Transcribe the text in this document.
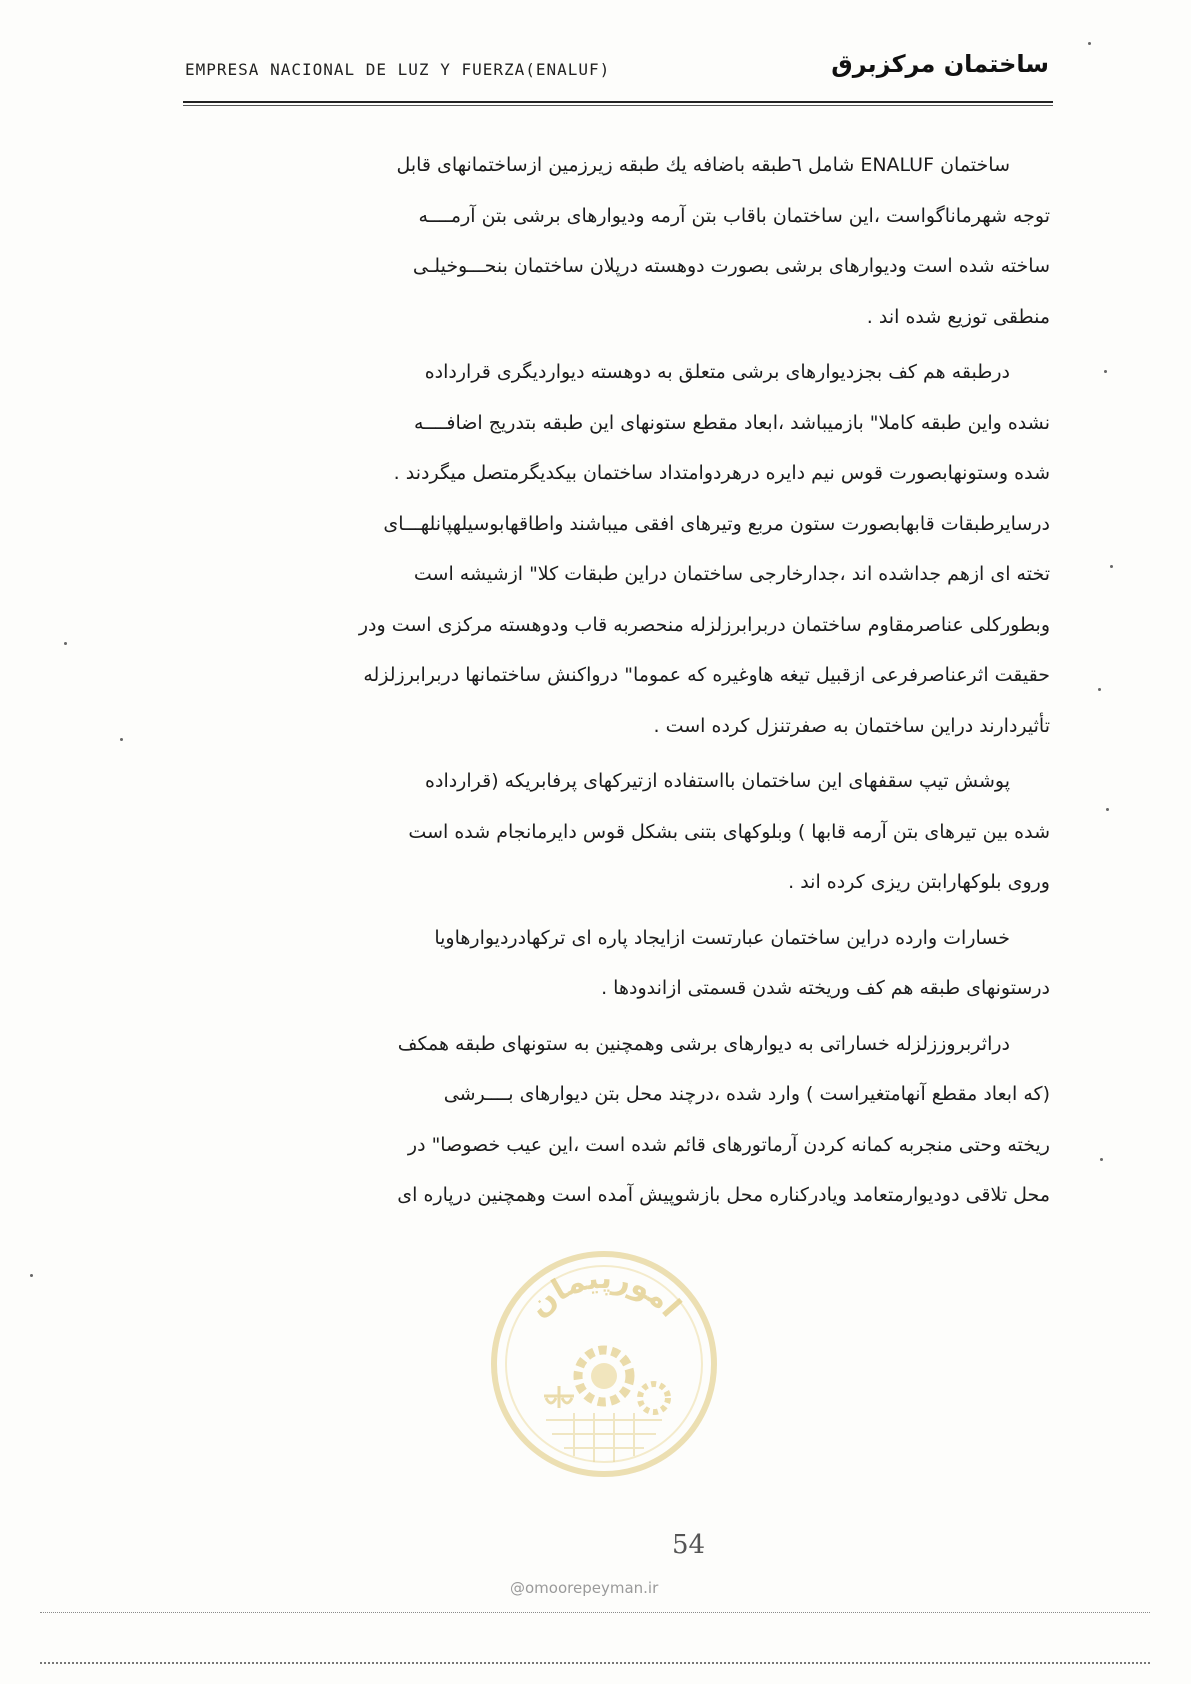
EMPRESA NACIONAL DE LUZ Y FUERZA(ENALUF)	ساختمان مرکزبرق
ساختمان ENALUF شامل ٦طبقه باضافه یك طبقه زیرزمین ازساختمانهای قابل
توجه شهرماناگواست ،این ساختمان باقاب بتن آرمه ودیوارهای برشی بتن آرمــــه
ساخته شده است ودیوارهای برشی بصورت دوهسته درپلان ساختمان بنحـــوخیلـی
منطقی توزیع شده اند .
درطبقه هم کف بجزدیوارهای برشی متعلق به دوهسته دیواردیگری قرارداده
نشده واین طبقه کاملا" بازمیباشد ،ابعاد مقطع ستونهای این طبقه بتدریج اضافــــه
شده وستونهابصورت قوس نیم دایره درهردوامتداد ساختمان بیکدیگرمتصل میگردند .
درسایرطبقات قابهابصورت ستون مربع وتیرهای افقی میباشند واطاقهابوسیلهپانلهـــای
تخته ای ازهم جداشده اند ،جدارخارجی ساختمان دراین طبقات کلا" ازشیشه است
وبطورکلی عناصرمقاوم ساختمان دربرابرزلزله منحصربه قاب ودوهسته مرکزی است ودر
حقیقت اثرعناصرفرعی ازقبیل تیغه هاوغیره که عموما" درواکنش ساختمانها دربرابرزلزله
تأثیردارند دراین ساختمان به صفرتنزل کرده است .
پوشش تیپ سقفهای این ساختمان بااستفاده ازتیرکهای پرفابریکه (قرارداده
شده بین تیرهای بتن آرمه قابها ) وبلوکهای بتنی بشکل قوس دایرمانجام شده است
وروی بلوکهارابتن ریزی کرده اند .
خسارات وارده دراین ساختمان عبارتست ازایجاد پاره ای ترکهادردیوارهاویا
درستونهای طبقه هم کف وریخته شدن قسمتی ازاندودها .
دراثربروززلزله خساراتی به دیوارهای برشی وهمچنین به ستونهای طبقه همکف
(که ابعاد مقطع آنهامتغیراست ) وارد شده ،درچند محل بتن دیوارهای بــــرشی
ریخته وحتی منجربه کمانه کردن آرماتورهای قائم شده است ،این عیب خصوصا" در
محل تلاقی دودیوارمتعامد ویادرکناره محل بازشوپیش آمده است وهمچنین درپاره ای
امورپیمان
54
@omoorepeyman.ir
